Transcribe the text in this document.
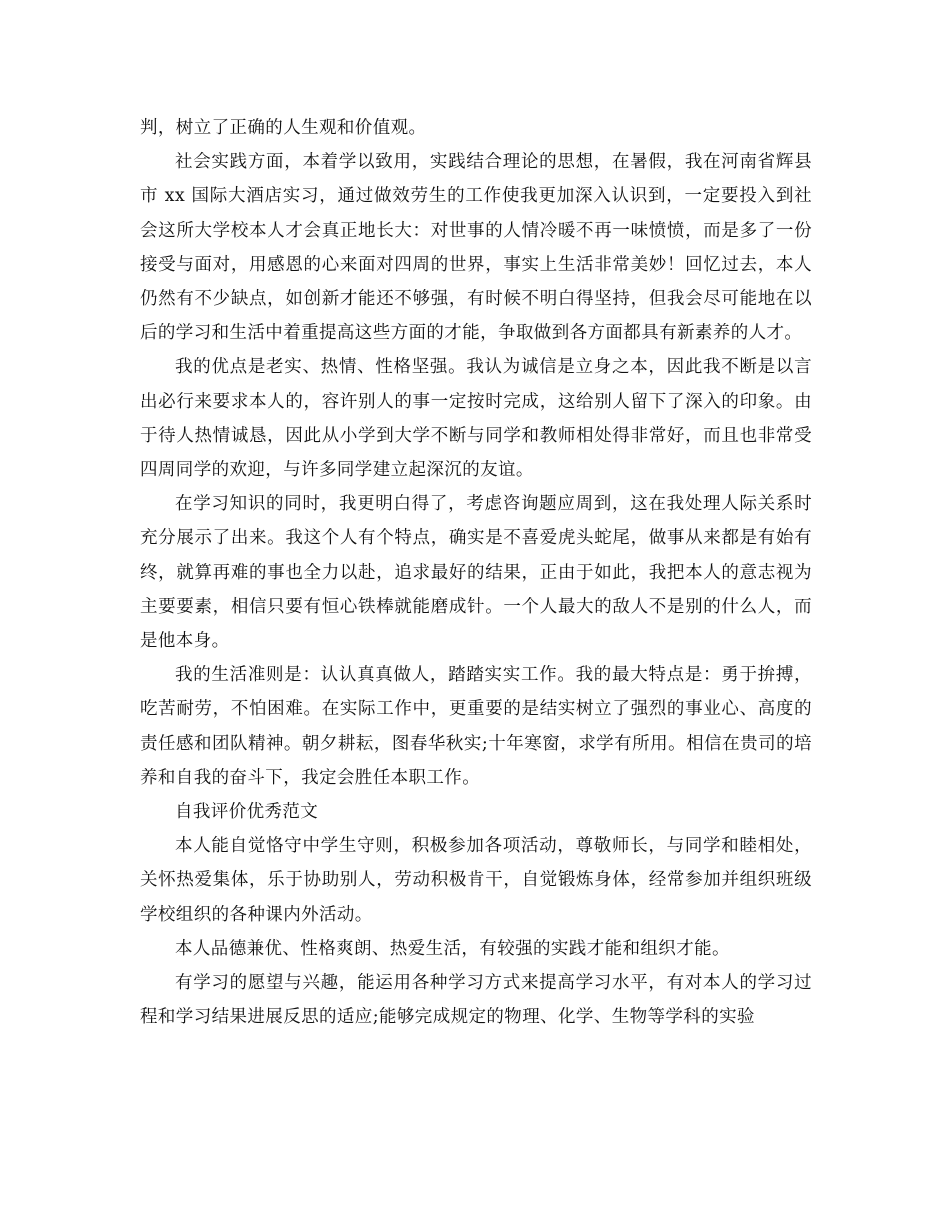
判，树立了正确的人生观和价值观。

社会实践方面，本着学以致用，实践结合理论的思想，在暑假，我在河南省辉县市 xx 国际大酒店实习，通过做效劳生的工作使我更加深入认识到，一定要投入到社会这所大学校本人才会真正地长大：对世事的人情冷暖不再一味愤愤，而是多了一份接受与面对，用感恩的心来面对四周的世界，事实上生活非常美妙！回忆过去，本人仍然有不少缺点，如创新才能还不够强，有时候不明白得坚持，但我会尽可能地在以后的学习和生活中着重提高这些方面的才能，争取做到各方面都具有新素养的人才。

我的优点是老实、热情、性格坚强。我认为诚信是立身之本，因此我不断是以言出必行来要求本人的，容许别人的事一定按时完成，这给别人留下了深入的印象。由于待人热情诚恳，因此从小学到大学不断与同学和教师相处得非常好，而且也非常受四周同学的欢迎，与许多同学建立起深沉的友谊。

在学习知识的同时，我更明白得了，考虑咨询题应周到，这在我处理人际关系时充分展示了出来。我这个人有个特点，确实是不喜爱虎头蛇尾，做事从来都是有始有终，就算再难的事也全力以赴，追求最好的结果，正由于如此，我把本人的意志视为主要要素，相信只要有恒心铁棒就能磨成针。一个人最大的敌人不是别的什么人，而是他本身。

我的生活准则是：认认真真做人，踏踏实实工作。我的最大特点是：勇于拚搏，吃苦耐劳，不怕困难。在实际工作中，更重要的是结实树立了强烈的事业心、高度的责任感和团队精神。朝夕耕耘，图春华秋实;十年寒窗，求学有所用。相信在贵司的培养和自我的奋斗下，我定会胜任本职工作。

自我评价优秀范文

本人能自觉恪守中学生守则，积极参加各项活动，尊敬师长，与同学和睦相处，关怀热爱集体，乐于协助别人，劳动积极肯干，自觉锻炼身体，经常参加并组织班级学校组织的各种课内外活动。

本人品德兼优、性格爽朗、热爱生活，有较强的实践才能和组织才能。

有学习的愿望与兴趣，能运用各种学习方式来提高学习水平，有对本人的学习过程和学习结果进展反思的适应;能够完成规定的物理、化学、生物等学科的实验
